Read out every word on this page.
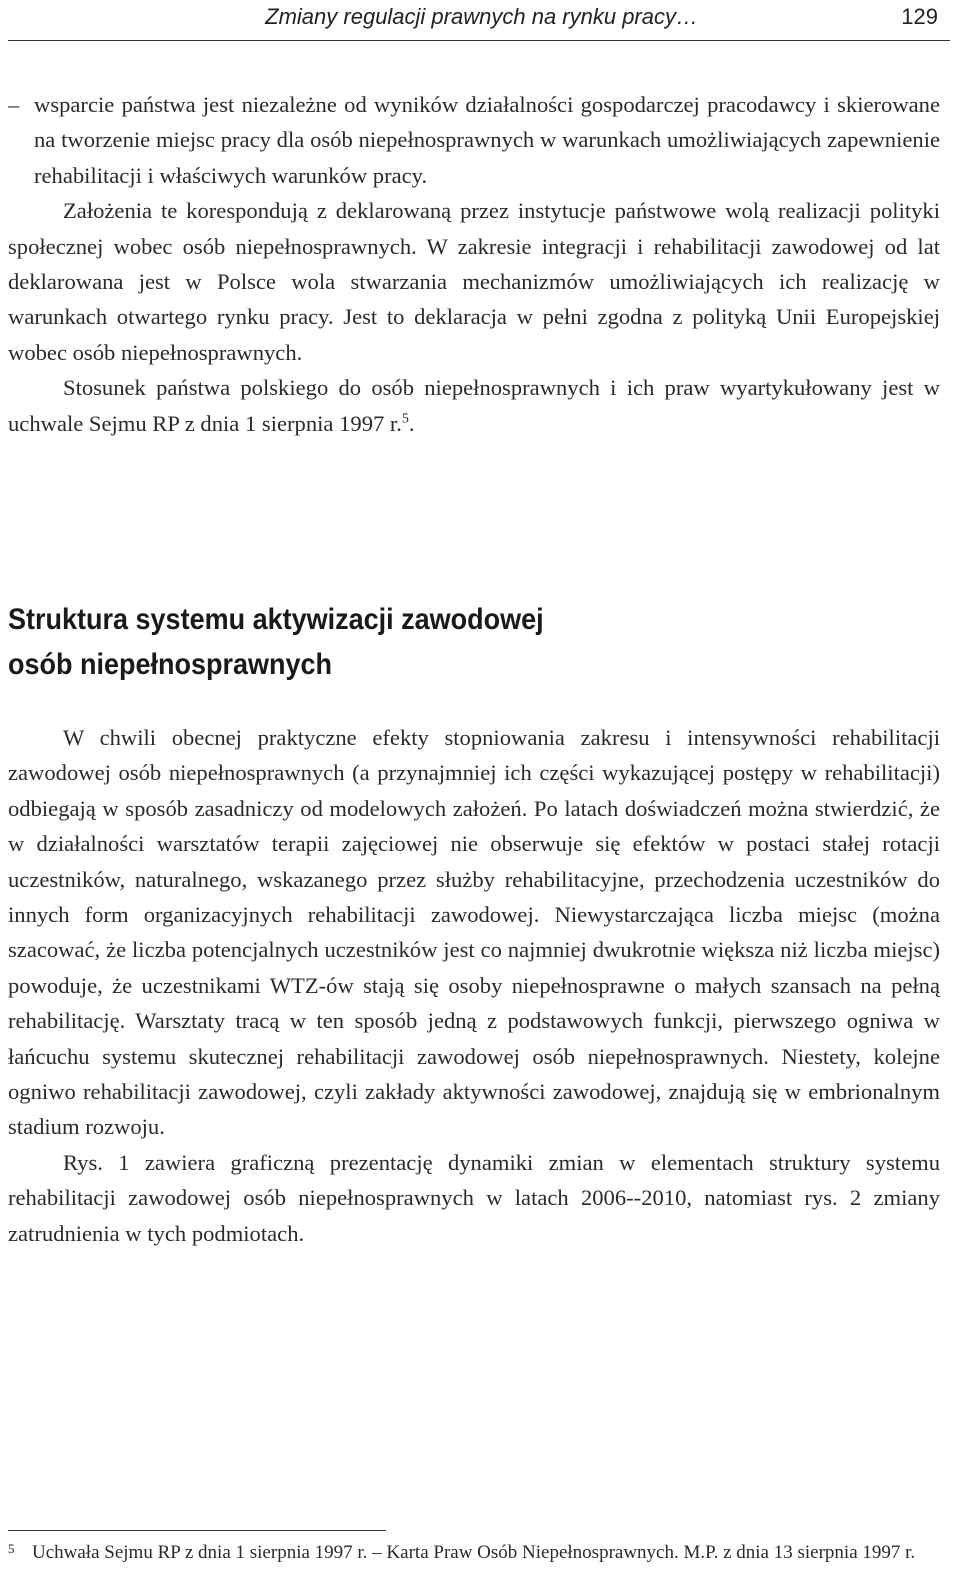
Zmiany regulacji prawnych na rynku pracy…	129

– wsparcie państwa jest niezależne od wyników działalności gospodarczej pracodawcy i skierowane na tworzenie miejsc pracy dla osób niepełnosprawnych w warunkach umożliwiających zapewnienie rehabilitacji i właściwych warunków pracy.

Założenia te korespondują z deklarowaną przez instytucje państwowe wolą realizacji polityki społecznej wobec osób niepełnosprawnych. W zakresie integracji i rehabilitacji zawodowej od lat deklarowana jest w Polsce wola stwarzania mechanizmów umożliwiających ich realizację w warunkach otwartego rynku pracy. Jest to deklaracja w pełni zgodna z polityką Unii Europejskiej wobec osób niepełnosprawnych.

Stosunek państwa polskiego do osób niepełnosprawnych i ich praw wyartykułowany jest w uchwale Sejmu RP z dnia 1 sierpnia 1997 r.$^5$.

Struktura systemu aktywizacji zawodowej
osób niepełnosprawnych

W chwili obecnej praktyczne efekty stopniowania zakresu i intensywności rehabilitacji zawodowej osób niepełnosprawnych (a przynajmniej ich części wykazującej postępy w rehabilitacji) odbiegają w sposób zasadniczy od modelowych założeń. Po latach doświadczeń można stwierdzić, że w działalności warsztatów terapii zajęciowej nie obserwuje się efektów w postaci stałej rotacji uczestników, naturalnego, wskazanego przez służby rehabilitacyjne, przechodzenia uczestników do innych form organizacyjnych rehabilitacji zawodowej. Niewystarczająca liczba miejsc (można szacować, że liczba potencjalnych uczestników jest co najmniej dwukrotnie większa niż liczba miejsc) powoduje, że uczestnikami WTZ-ów stają się osoby niepełnosprawne o małych szansach na pełną rehabilitację. Warsztaty tracą w ten sposób jedną z podstawowych funkcji, pierwszego ogniwa w łańcuchu systemu skutecznej rehabilitacji zawodowej osób niepełnosprawnych. Niestety, kolejne ogniwo rehabilitacji zawodowej, czyli zakłady aktywności zawodowej, znajdują się w embrionalnym stadium rozwoju.

Rys. 1 zawiera graficzną prezentację dynamiki zmian w elementach struktury systemu rehabilitacji zawodowej osób niepełnosprawnych w latach 2006--2010, natomiast rys. 2 zmiany zatrudnienia w tych podmiotach.

5 Uchwała Sejmu RP z dnia 1 sierpnia 1997 r. – Karta Praw Osób Niepełnosprawnych. M.P. z dnia 13 sierpnia 1997 r.
